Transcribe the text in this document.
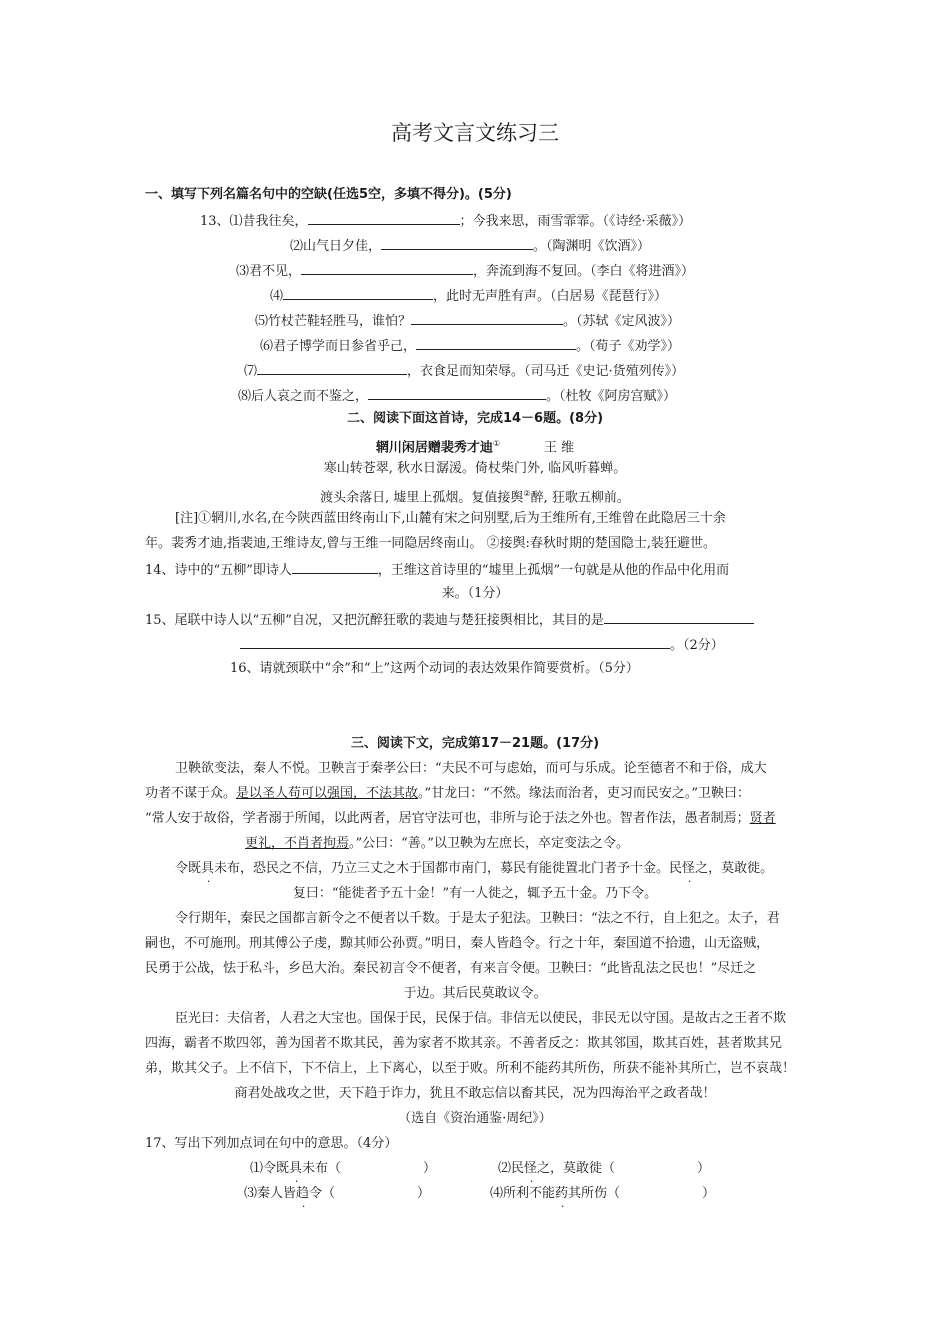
高考文言文练习三
一、填写下列名篇名句中的空缺(任选5空，多填不得分)。(5分)
13、⑴昔我往矣，	；今我来思，雨雪霏霏。（《诗经·采薇》）
⑵山气日夕佳，	。（陶渊明《饮酒》）
⑶君不见，	，奔流到海不复回。（李白《将进酒》）
⑷	，此时无声胜有声。（白居易《琵琶行》）
⑸竹杖芒鞋轻胜马，谁怕？	。（苏轼《定风波》）
⑹君子博学而日参省乎己，	。（荀子《劝学》）
⑺	，衣食足而知荣辱。（司马迁《史记·货殖列传》）
⑻后人哀之而不鉴之，	。（杜牧《阿房宫赋》）
二、阅读下面这首诗，完成14－6题。(8分)
辋川闲居赠裴秀才迪①	王 维
寒山转苍翠, 秋水日潺湲。倚杖柴门外, 临风听暮蝉。
渡头余落日, 墟里上孤烟。复值接舆②醉, 狂歌五柳前。
[注]①辋川,水名,在今陕西蓝田终南山下,山麓有宋之问别墅,后为王维所有,王维曾在此隐居三十余
年。裴秀才迪,指裴迪,王维诗友,曾与王维一同隐居终南山。 ②接舆:春秋时期的楚国隐士,装狂避世。
14、诗中的“五柳”即诗人	，王维这首诗里的“墟里上孤烟”一句就是从他的作品中化用而
来。（1分）
15、尾联中诗人以“五柳”自况，又把沉醉狂歌的裴迪与楚狂接舆相比，其目的是
。（2分）
16、请就颈联中“余”和“上”这两个动词的表达效果作简要赏析。（5分）
三、阅读下文，完成第17－21题。(17分)
卫鞅欲变法，秦人不悦。卫鞅言于秦孝公曰：“夫民不可与虑始，而可与乐成。论至德者不和于俗，成大
功者不谋于众。是以圣人苟可以强国，不法其故。”甘龙曰：“不然。缘法而治者，吏习而民安之。”卫鞅曰：
“常人安于故俗，学者溺于所闻，以此两者，居官守法可也，非所与论于法之外也。智者作法，愚者制焉；贤者
更礼，不肖者拘焉。”公曰：“善。”以卫鞅为左庶长，卒定变法之令。
令既具未布，恐民之不信，乃立三丈之木于国都市南门，募民有能徙置北门者予十金。民怪之，莫敢徙。
复曰：“能徙者予五十金！”有一人徙之，辄予五十金。乃下令。
令行期年，秦民之国都言新令之不便者以千数。于是太子犯法。卫鞅曰：“法之不行，自上犯之。太子，君
嗣也，不可施刑。刑其傅公子虔，黥其师公孙贾。”明日，秦人皆趋令。行之十年，秦国道不拾遗，山无盗贼，
民勇于公战，怯于私斗，乡邑大治。秦民初言令不便者，有来言令便。卫鞅曰：“此皆乱法之民也！”尽迁之
于边。其后民莫敢议令。
臣光曰：夫信者，人君之大宝也。国保于民，民保于信。非信无以使民，非民无以守国。是故古之王者不欺
四海，霸者不欺四邻，善为国者不欺其民，善为家者不欺其亲。不善者反之：欺其邻国，欺其百姓，甚者欺其兄
弟，欺其父子。上不信下，下不信上，上下离心，以至于败。所利不能药其所伤，所获不能补其所亡，岂不哀哉！
商君处战攻之世，天下趋于诈力，犹且不敢忘信以畜其民，况为四海治平之政者哉！
（选自《资治通鉴·周纪》）
17、写出下列加点词在句中的意思。（4分）
⑴令既具未布（	）	⑵民怪之，莫敢徙（	）
⑶秦人皆趋令（	）	⑷所利不能药其所伤（	）
